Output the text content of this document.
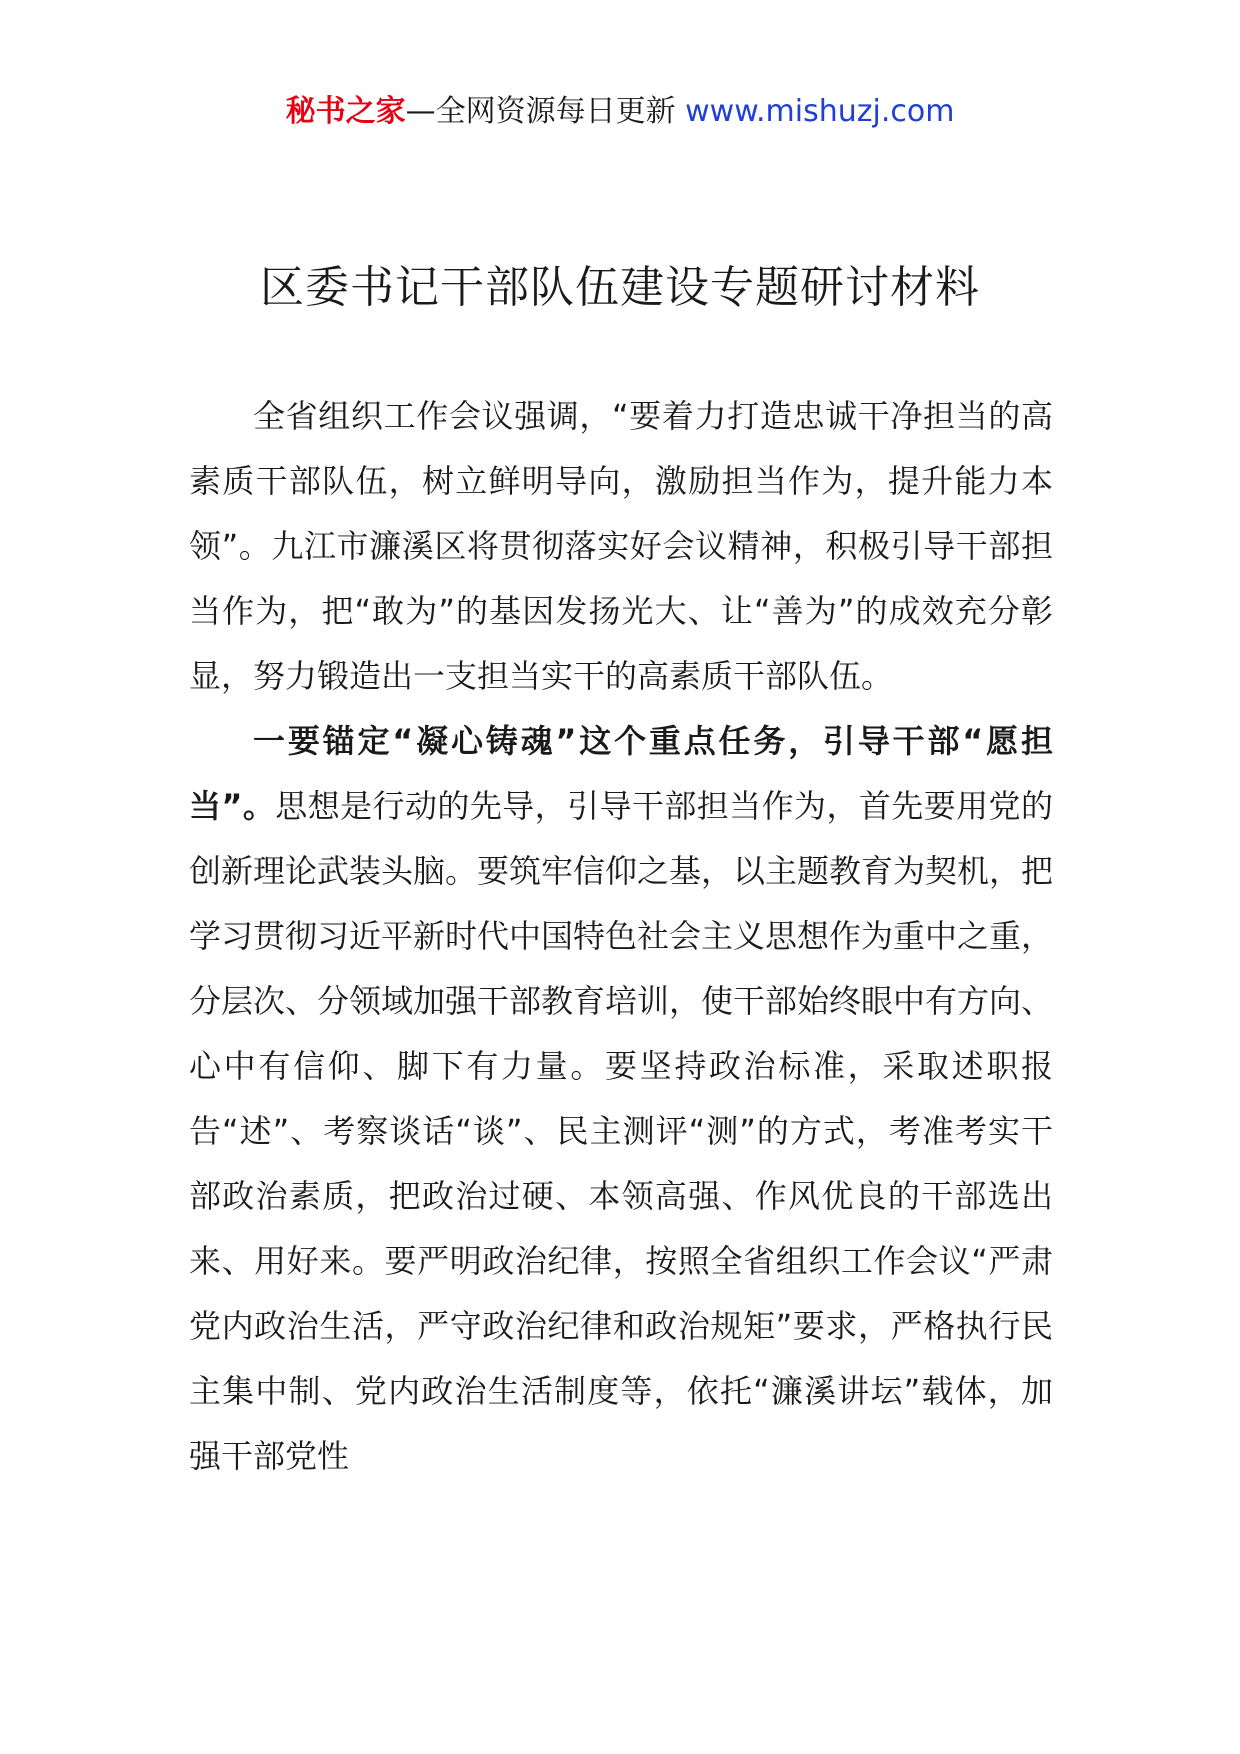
秘书之家—全网资源每日更新 www.mishuzj.com
区委书记干部队伍建设专题研讨材料

全省组织工作会议强调，“要着力打造忠诚干净担当的高素质干部队伍，树立鲜明导向，激励担当作为，提升能力本领”。九江市濂溪区将贯彻落实好会议精神，积极引导干部担当作为，把“敢为”的基因发扬光大、让“善为”的成效充分彰显，努力锻造出一支担当实干的高素质干部队伍。

一要锚定“凝心铸魂”这个重点任务，引导干部“愿担当”。思想是行动的先导，引导干部担当作为，首先要用党的创新理论武装头脑。要筑牢信仰之基，以主题教育为契机，把学习贯彻习近平新时代中国特色社会主义思想作为重中之重，分层次、分领域加强干部教育培训，使干部始终眼中有方向、心中有信仰、脚下有力量。要坚持政治标准，采取述职报告“述”、考察谈话“谈”、民主测评“测”的方式，考准考实干部政治素质，把政治过硬、本领高强、作风优良的干部选出来、用好来。要严明政治纪律，按照全省组织工作会议“严肃党内政治生活，严守政治纪律和政治规矩”要求，严格执行民主集中制、党内政治生活制度等，依托“濂溪讲坛”载体，加强干部党性
